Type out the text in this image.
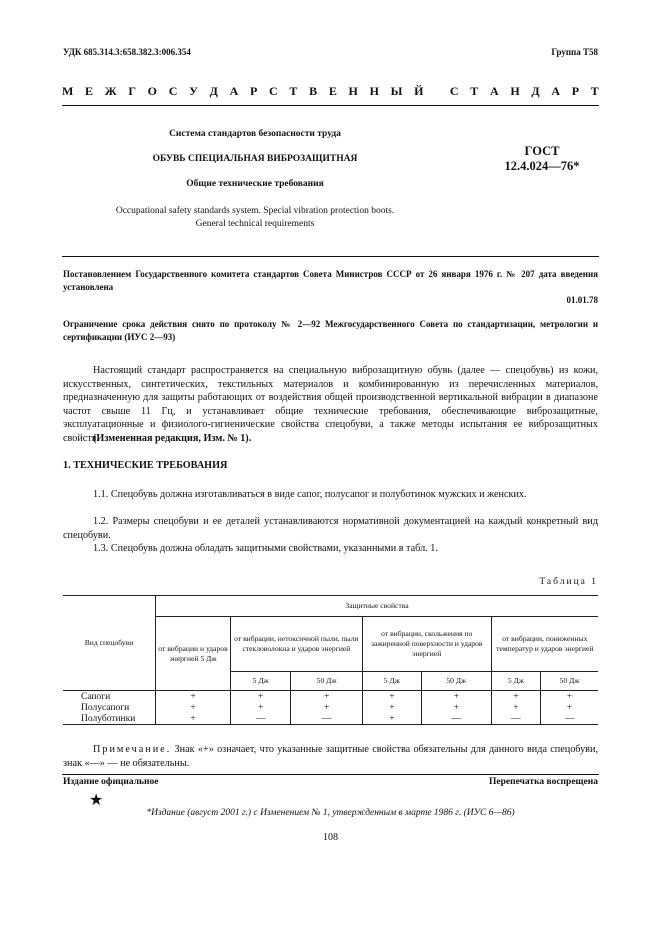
УДК 685.314.3:658.382.3:006.354	Группа Т58
М Е Ж Г О С У Д А Р С Т В Е Н Н Ы Й
С Т А Н Д А Р Т
Система стандартов безопасности труда
ОБУВЬ СПЕЦИАЛЬНАЯ ВИБРОЗАЩИТНАЯ
Общие технические требования
ГОСТ
12.4.024—76*
Occupational safety standards system. Special vibration protection boots.
General technical requirements
Постановлением Государственного комитета стандартов Совета Министров СССР от 26 января 1976 г. № 207 дата введения установлена
01.01.78
Ограничение срока действия снято по протоколу № 2—92 Межгосударственного Совета по стандартизации, метрологии и сертификации (ИУС 2—93)
Настоящий стандарт распространяется на специальную виброзащитную обувь (далее — спецобувь) из кожи, искусственных, синтетических, текстильных материалов и комбинированную из перечисленных материалов, предназначенную для защиты работающих от воздействия общей производственной вертикальной вибрации в диапазоне частот свыше 11 Гц, и устанавливает общие технические требования, обеспечивающие виброзащитные, эксплуатационные и физиолого-гигиенические свойства спецобуви, а также методы испытания ее виброзащитных свойств.
(Измененная редакция, Изм. № 1).
1. ТЕХНИЧЕСКИЕ ТРЕБОВАНИЯ
1.1. Спецобувь должна изготавливаться в виде сапог, полусапог и полуботинок мужских и женских.
1.2. Размеры спецобуви и ее деталей устанавливаются нормативной документацией на каждый конкретный вид спецобуви.
1.3. Спецобувь должна обладать защитными свойствами, указанными в табл. 1.
Таблица 1
Вид спецобуви	Защитные свойства						
	от вибрации и ударов энергией 5 Дж	от вибрации, нетоксичной пыли, пыли стекловолокна и ударов энергией		от вибрации, скольжения по зажиренной поверхности и ударов энергией		от вибрации, пониженных температур и ударов энергией	
		5 Дж	50 Дж	5 Дж	50 Дж	5 Дж	50 Дж
Сапоги	+	+	+	+	+	+	+
Полусапоги	+	+	+	+	+	+	+
Полуботинки	+	—	—	+	—	—	—
Примечание. Знак «+» означает, что указанные защитные свойства обязательны для данного вида спецобуви, знак «—» — не обязательны.
Издание официальное	Перепечатка воспрещена
★
*Издание (август 2001 г.) с Изменением № 1, утвержденным в марте 1986 г. (ИУС 6—86)
108
